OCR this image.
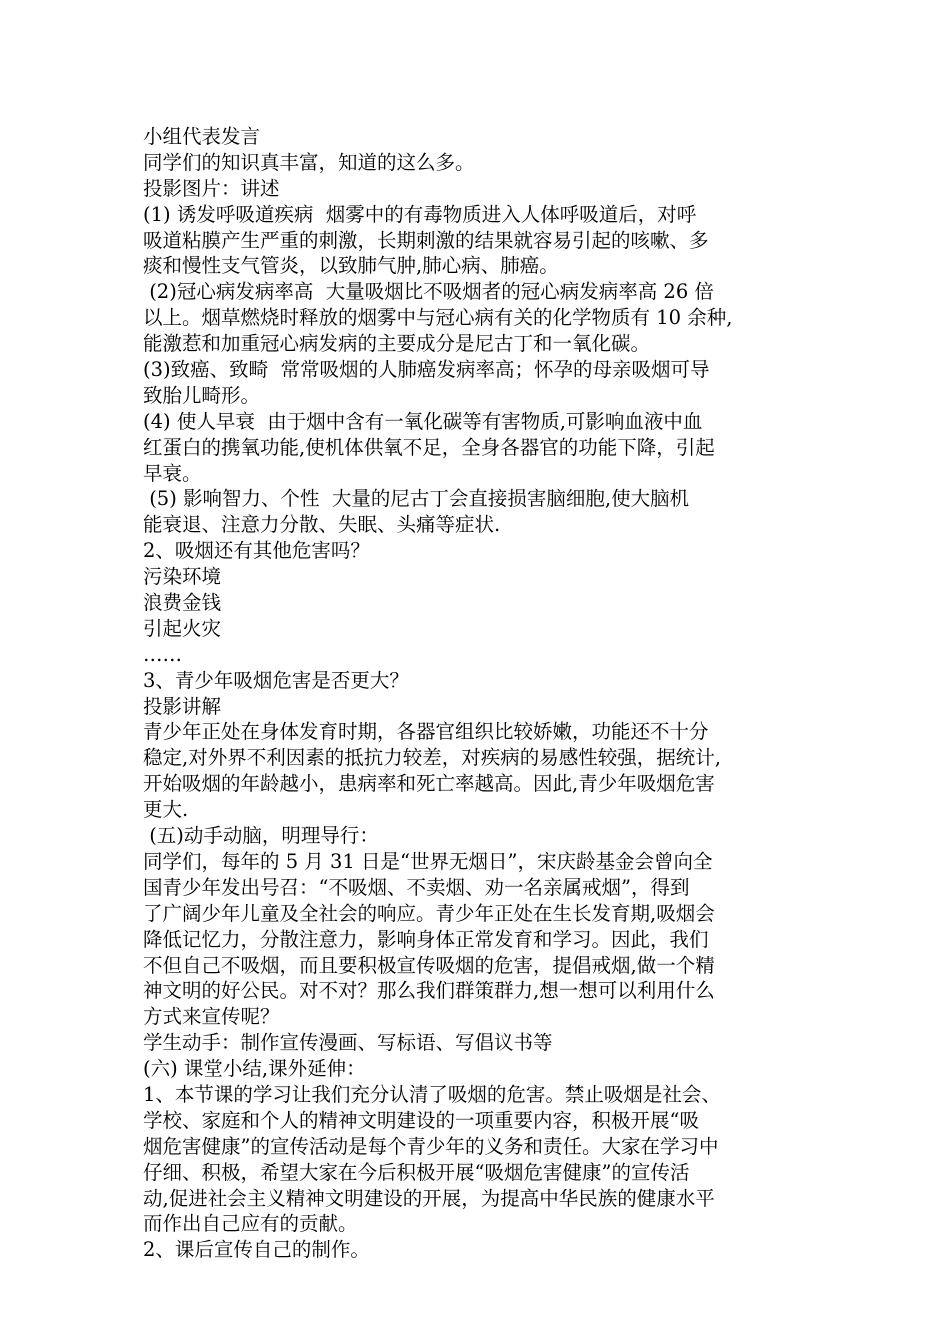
小组代表发言
同学们的知识真丰富，知道的这么多。
投影图片：讲述
(1) 诱发呼吸道疾病  烟雾中的有毒物质进入人体呼吸道后，对呼
吸道粘膜产生严重的刺激，长期刺激的结果就容易引起的咳嗽、多
痰和慢性支气管炎，以致肺气肿,肺心病、肺癌。
(2)冠心病发病率高  大量吸烟比不吸烟者的冠心病发病率高 26 倍
以上。烟草燃烧时释放的烟雾中与冠心病有关的化学物质有 10 余种,
能激惹和加重冠心病发病的主要成分是尼古丁和一氧化碳。
(3)致癌、致畸  常常吸烟的人肺癌发病率高；怀孕的母亲吸烟可导
致胎儿畸形。
(4) 使人早衰  由于烟中含有一氧化碳等有害物质,可影响血液中血
红蛋白的携氧功能,使机体供氧不足，全身各器官的功能下降，引起
早衰。
(5) 影响智力、个性  大量的尼古丁会直接损害脑细胞,使大脑机
能衰退、注意力分散、失眠、头痛等症状.
2、吸烟还有其他危害吗？
污染环境
浪费金钱
引起火灾
……
3、青少年吸烟危害是否更大？
投影讲解
青少年正处在身体发育时期，各器官组织比较娇嫩，功能还不十分
稳定,对外界不利因素的抵抗力较差，对疾病的易感性较强，据统计,
开始吸烟的年龄越小，患病率和死亡率越高。因此,青少年吸烟危害
更大.
(五)动手动脑，明理导行：
同学们，每年的 5 月 31 日是“世界无烟日”，宋庆龄基金会曾向全
国青少年发出号召：“不吸烟、不卖烟、劝一名亲属戒烟”，得到
了广阔少年儿童及全社会的响应。青少年正处在生长发育期,吸烟会
降低记忆力，分散注意力，影响身体正常发育和学习。因此，我们
不但自己不吸烟，而且要积极宣传吸烟的危害，提倡戒烟,做一个精
神文明的好公民。对不对？那么我们群策群力,想一想可以利用什么
方式来宣传呢？
学生动手：制作宣传漫画、写标语、写倡议书等
(六) 课堂小结,课外延伸：
1、本节课的学习让我们充分认清了吸烟的危害。禁止吸烟是社会、
学校、家庭和个人的精神文明建设的一项重要内容，积极开展“吸
烟危害健康”的宣传活动是每个青少年的义务和责任。大家在学习中
仔细、积极，希望大家在今后积极开展“吸烟危害健康”的宣传活
动,促进社会主义精神文明建设的开展，为提高中华民族的健康水平
而作出自己应有的贡献。
2、课后宣传自己的制作。
